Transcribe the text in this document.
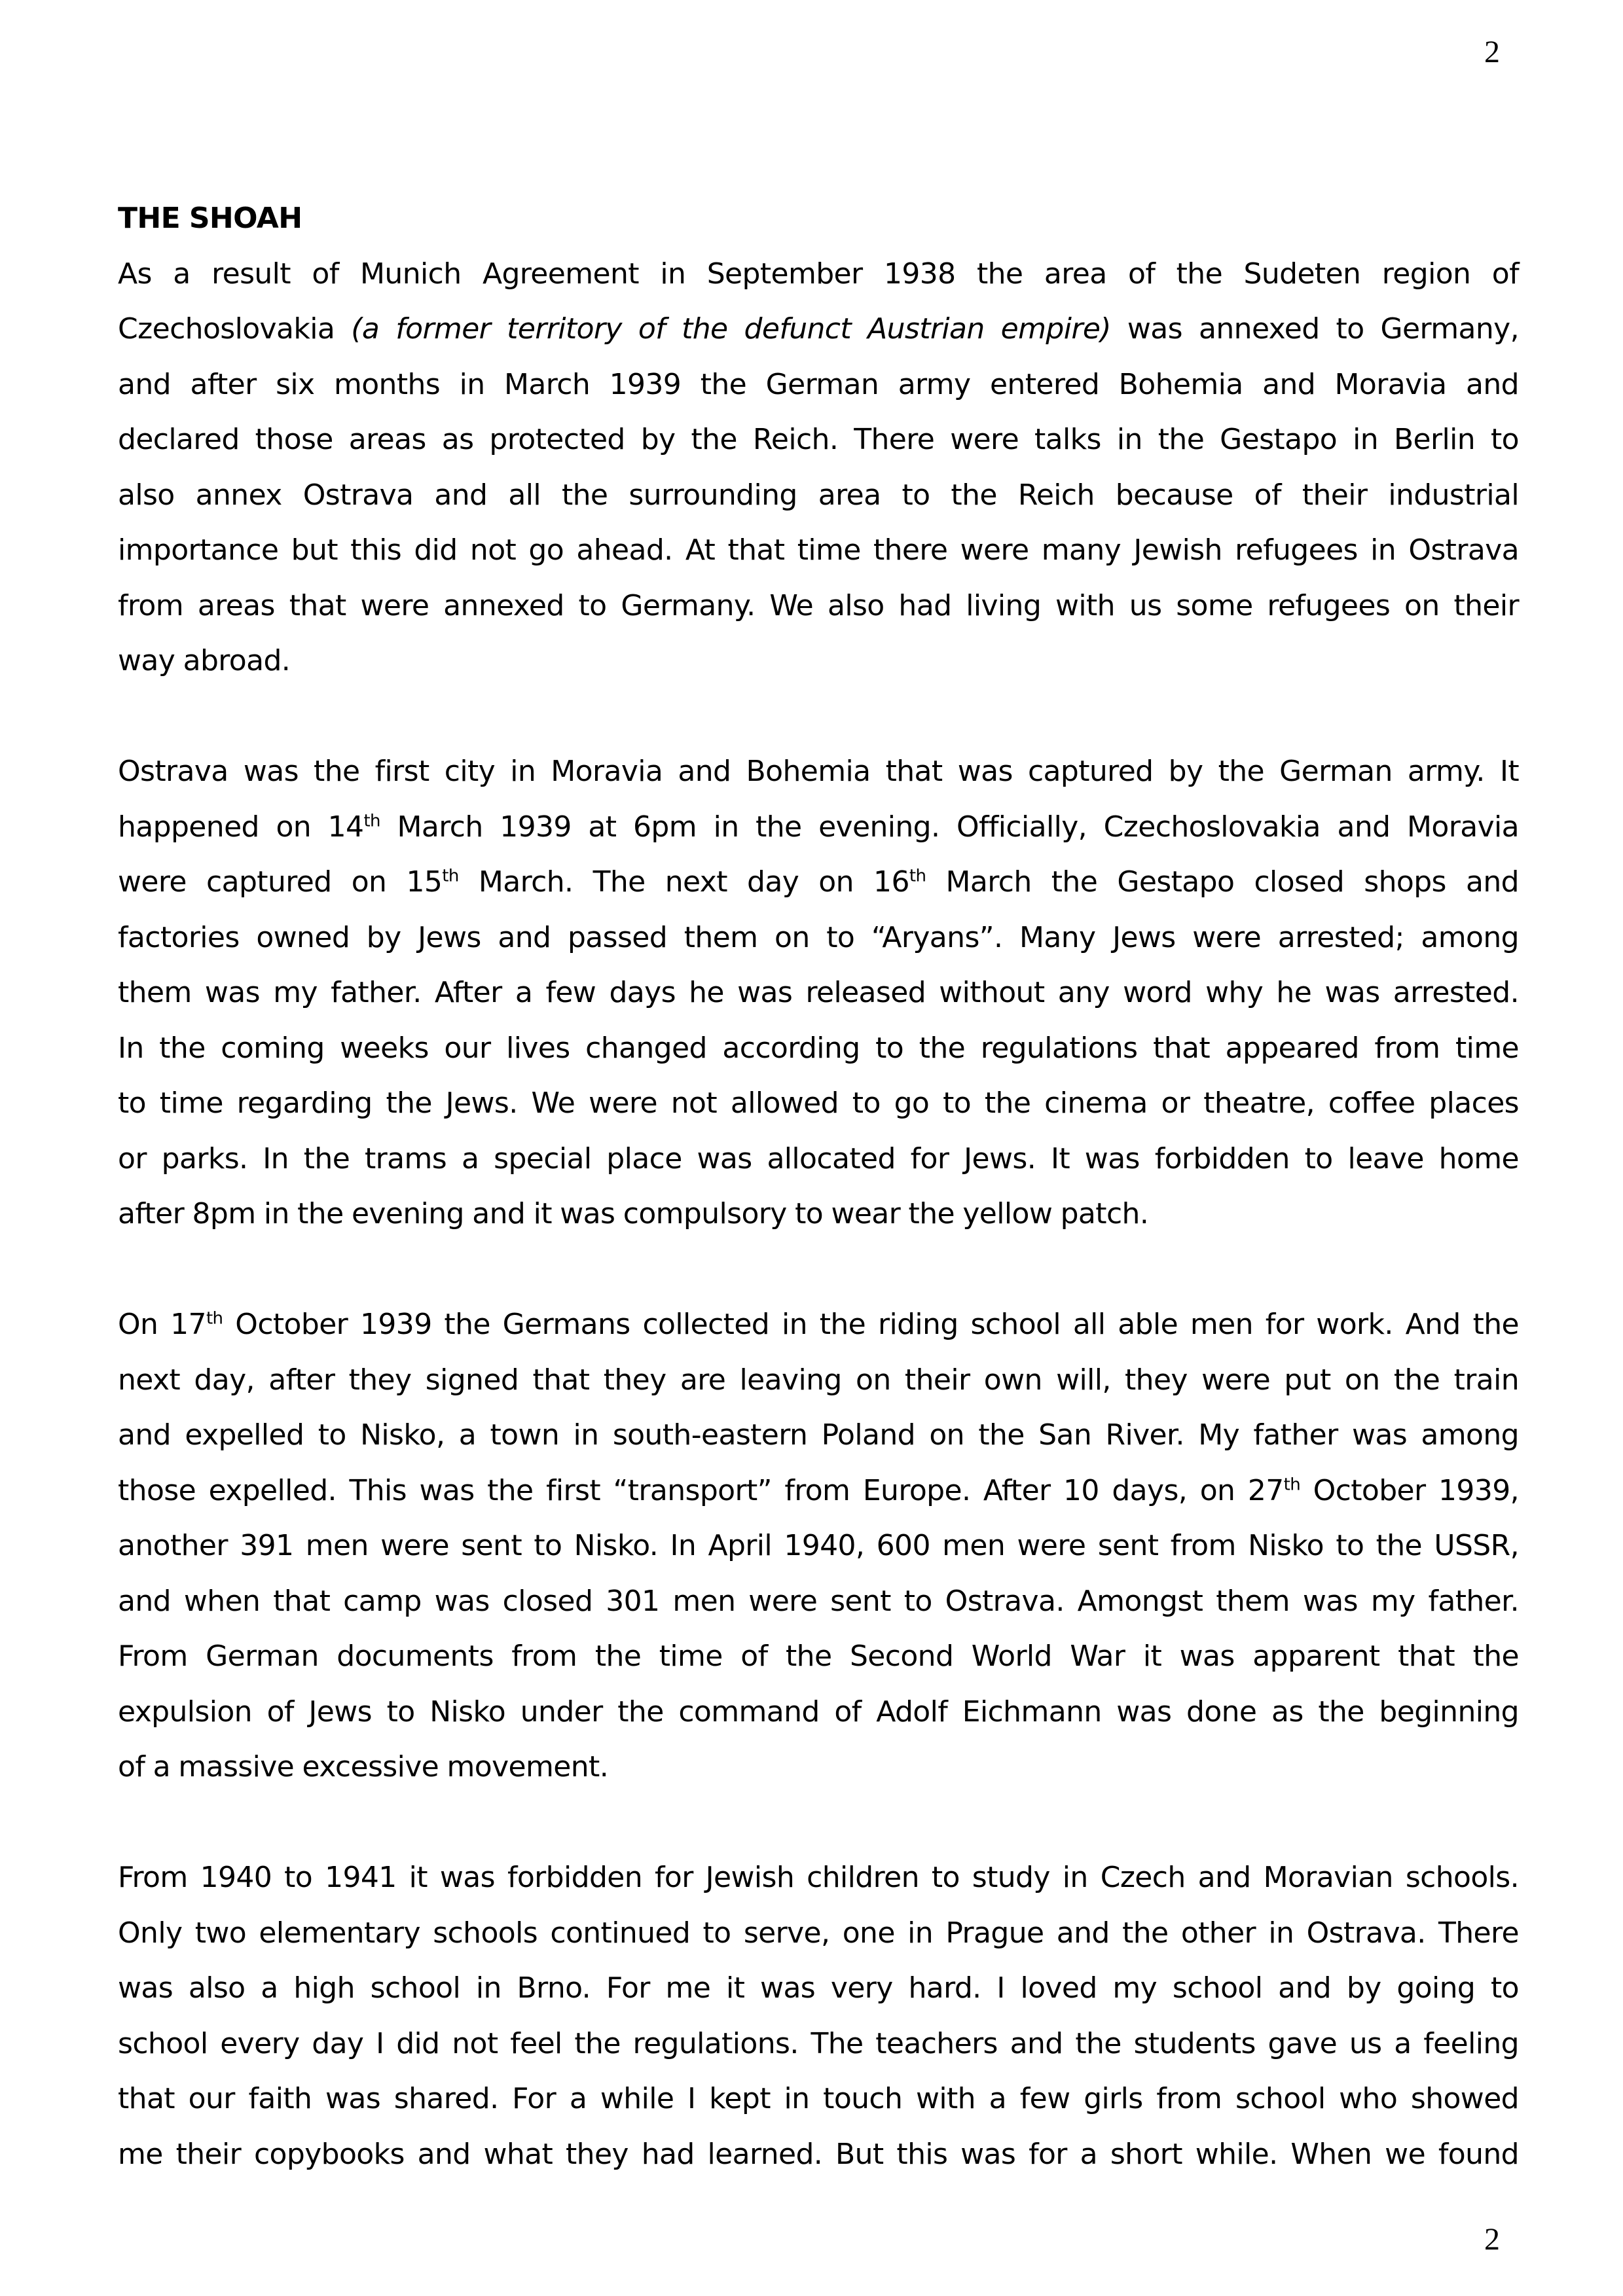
2

THE SHOAH

As a result of Munich Agreement in September 1938 the area of the Sudeten region of
Czechoslovakia (a former territory of the defunct Austrian empire) was annexed to Germany,
and after six months in March 1939 the German army entered Bohemia and Moravia and
declared those areas as protected by the Reich. There were talks in the Gestapo in Berlin to
also annex Ostrava and all the surrounding area to the Reich because of their industrial
importance but this did not go ahead. At that time there were many Jewish refugees in Ostrava
from areas that were annexed to Germany. We also had living with us some refugees on their
way abroad.
Ostrava was the first city in Moravia and Bohemia that was captured by the German army. It
happened on 14th March 1939 at 6pm in the evening. Officially, Czechoslovakia and Moravia
were captured on 15th March. The next day on 16th March the Gestapo closed shops and
factories owned by Jews and passed them on to “Aryans”. Many Jews were arrested; among
them was my father. After a few days he was released without any word why he was arrested.
In the coming weeks our lives changed according to the regulations that appeared from time
to time regarding the Jews. We were not allowed to go to the cinema or theatre, coffee places
or parks. In the trams a special place was allocated for Jews. It was forbidden to leave home
after 8pm in the evening and it was compulsory to wear the yellow patch.
On 17th October 1939 the Germans collected in the riding school all able men for work. And the
next day, after they signed that they are leaving on their own will, they were put on the train
and expelled to Nisko, a town in south-eastern Poland on the San River. My father was among
those expelled. This was the first “transport” from Europe. After 10 days, on 27th October 1939,
another 391 men were sent to Nisko. In April 1940, 600 men were sent from Nisko to the USSR,
and when that camp was closed 301 men were sent to Ostrava. Amongst them was my father.
From German documents from the time of the Second World War it was apparent that the
expulsion of Jews to Nisko under the command of Adolf Eichmann was done as the beginning
of a massive excessive movement.
From 1940 to 1941 it was forbidden for Jewish children to study in Czech and Moravian schools.
Only two elementary schools continued to serve, one in Prague and the other in Ostrava. There
was also a high school in Brno. For me it was very hard. I loved my school and by going to
school every day I did not feel the regulations. The teachers and the students gave us a feeling
that our faith was shared. For a while I kept in touch with a few girls from school who showed
me their copybooks and what they had learned. But this was for a short while. When we found
2
